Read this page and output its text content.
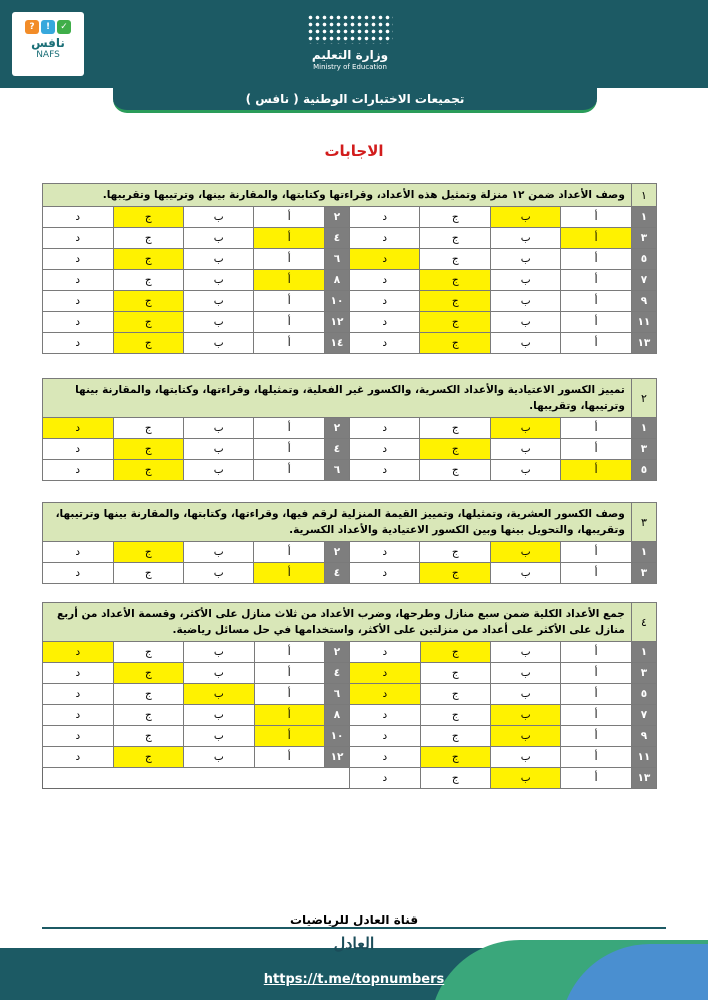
?	!	✓
نافس
NAFS	وزارة التعليم
Ministry of Education
تجميعات الاختبارات الوطنية ( نافس )
الاجابات
١	وصف الأعداد ضمن ١٢ منزلة وتمثيل هذه الأعداد، وقراءتها وكتابتها، والمقارنة بينها، وترتيبها وتقريبها.								
١	أ	ب	ج	د	٢	أ	ب	ج	د
٣	أ	ب	ج	د	٤	أ	ب	ج	د
٥	أ	ب	ج	د	٦	أ	ب	ج	د
٧	أ	ب	ج	د	٨	أ	ب	ج	د
٩	أ	ب	ج	د	١٠	أ	ب	ج	د
١١	أ	ب	ج	د	١٢	أ	ب	ج	د
١٣	أ	ب	ج	د	١٤	أ	ب	ج	د
٢	تمييز الكسور الاعتيادية والأعداد الكسرية، والكسور غير الفعلية، وتمثيلها، وقراءتها، وكتابتها، والمقارنة بينها وترتيبها، وتقريبها.								
١	أ	ب	ج	د	٢	أ	ب	ج	د
٣	أ	ب	ج	د	٤	أ	ب	ج	د
٥	أ	ب	ج	د	٦	أ	ب	ج	د
٣	وصف الكسور العشرية، وتمثيلها، وتمييز القيمة المنزلية لرقم فيها، وقراءتها، وكتابتها، والمقارنة بينها وترتيبها، وتقريبها، والتحويل بينها وبين الكسور الاعتيادية والأعداد الكسرية.								
١	أ	ب	ج	د	٢	أ	ب	ج	د
٣	أ	ب	ج	د	٤	أ	ب	ج	د
٤	جمع الأعداد الكلية ضمن سبع منازل وطرحها، وضرب الأعداد من ثلاث منازل على الأكثر، وقسمة الأعداد من أربع منازل على الأكثر على أعداد من منزلتين على الأكثر، واستخدامها في حل مسائل رياضية.								
١	أ	ب	ج	د	٢	أ	ب	ج	د
٣	أ	ب	ج	د	٤	أ	ب	ج	د
٥	أ	ب	ج	د	٦	أ	ب	ج	د
٧	أ	ب	ج	د	٨	أ	ب	ج	د
٩	أ	ب	ج	د	١٠	أ	ب	ج	د
١١	أ	ب	ج	د	١٢	أ	ب	ج	د
١٣	أ	ب	ج	د					
قناة العادل للرياضيات
العادل
https://t.me/topnumbers
